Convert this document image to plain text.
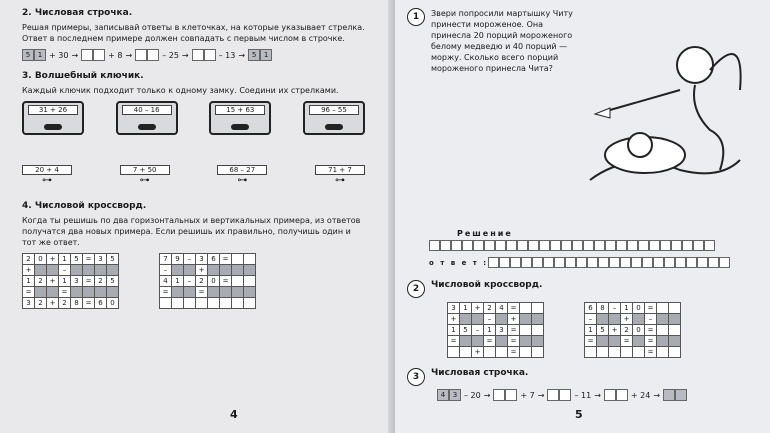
2. Числовая строчка.
Решая примеры, записывай ответы в клеточках, на которые указывает стрелка. Ответ в последнем примере должен совпадать с первым числом в строчке.
5	1 + 30 →	+ 8 →	– 25 →	– 13 → 5	1
3. Волшебный ключик.
Каждый ключик подходит только к одному замку. Соедини их стрелками.
31 + 26	40 – 16	15 + 63	96 – 55
20 + 4
⊶
7 + 50
⊶
68 – 27
⊶
71 + 7
⊶
4. Числовой кроссворд.
Когда ты решишь по два горизонтальных и вертикальных примера, из ответов получатся два новых примера. Если решишь их правильно, получишь один и тот же ответ.
2	0	+	1	5	=	3	5
+			–				
1	2	+	1	3	=	2	5
=			=				
3	2	+	2	8	=	6	0
7	9	–	3	6	=		
–			+				
4	1	–	2	0	=		
=			=				

4
1	Звери попросили мартышку Читу принести мороженое. Она принесла 20 порций мороженого белому медведю и 40 порций — моржу. Сколько всего порций мороженого принесла Чита?
Решение
о т в е т :
2	Числовой кроссворд.
3	1	+	2	4	=		
+			–		+		
1	5	–	1	3	=		
=			=		=		
		+			=		
6	8	–	1	0	=		
–			+		–		
1	5	+	2	0	=		
=			=		=		
					=		
3	Числовая строчка.
4	3 – 20 →	+ 7 →	– 11 →	+ 24 →
5
